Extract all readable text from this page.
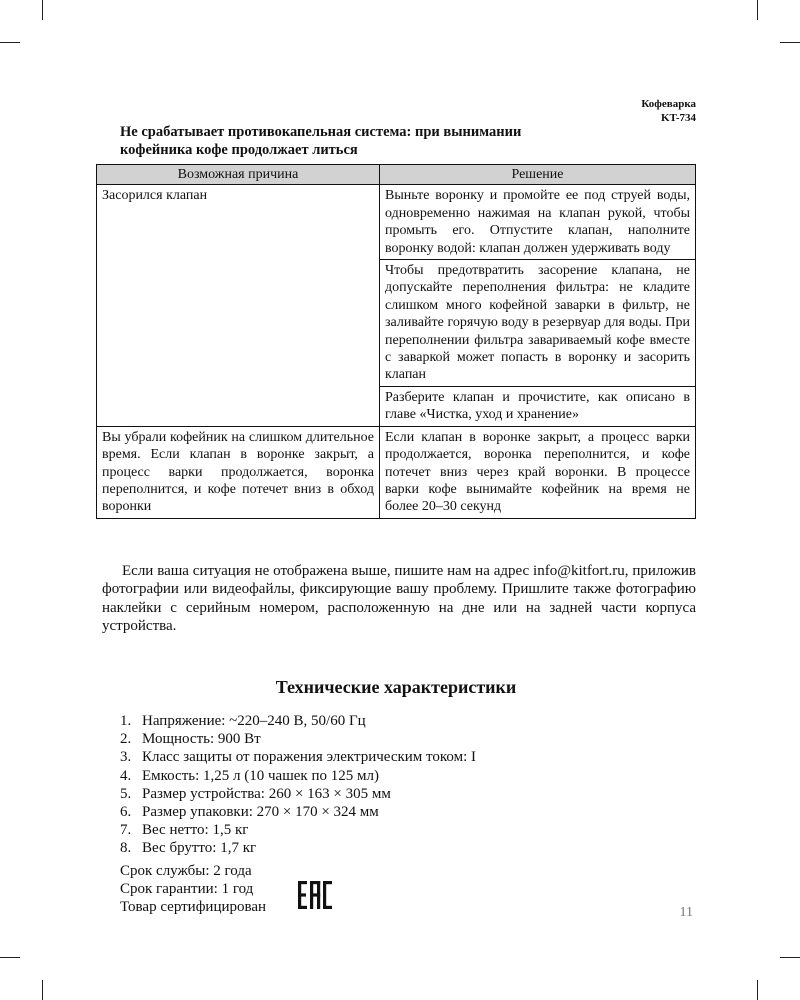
Кофеварка
KT-734
Не срабатывает противокапельная система: при вынимании кофейника кофе продолжает литься
Возможная причина	Решение
Засорился клапан	Выньте воронку и промойте ее под струей воды, одновременно нажимая на клапан рукой, чтобы промыть его. Отпустите клапан, наполните воронку водой: клапан должен удерживать воду
	Чтобы предотвратить засорение клапана, не допускайте переполнения фильтра: не кладите слишком много кофейной заварки в фильтр, не заливайте горячую воду в резервуар для воды. При переполнении фильтра завариваемый кофе вместе с заваркой может попасть в воронку и засорить клапан
	Разберите клапан и прочистите, как описано в главе «Чистка, уход и хранение»
Вы убрали кофейник на слишком длительное время. Если клапан в воронке закрыт, а процесс варки продолжается, воронка переполнится, и кофе потечет вниз в обход воронки	Если клапан в воронке закрыт, а процесс варки продолжается, воронка переполнится, и кофе потечет вниз через край воронки. В процессе варки кофе вынимайте кофейник на время не более 20–30 секунд

Если ваша ситуация не отображена выше, пишите нам на адрес info@kitfort.ru, приложив фотографии или видеофайлы, фиксирующие вашу проблему. Пришлите также фотографию наклейки с серийным номером, расположенную на дне или на задней части корпуса устройства.

Технические характеристики
1. Напряжение: ~220–240 В, 50/60 Гц
2. Мощность: 900 Вт
3. Класс защиты от поражения электрическим током: I
4. Емкость: 1,25 л (10 чашек по 125 мл)
5. Размер устройства: 260 × 163 × 305 мм
6. Размер упаковки: 270 × 170 × 324 мм
7. Вес нетто: 1,5 кг
8. Вес брутто: 1,7 кг
Срок службы: 2 года
Срок гарантии: 1 год
Товар сертифицирован	11
